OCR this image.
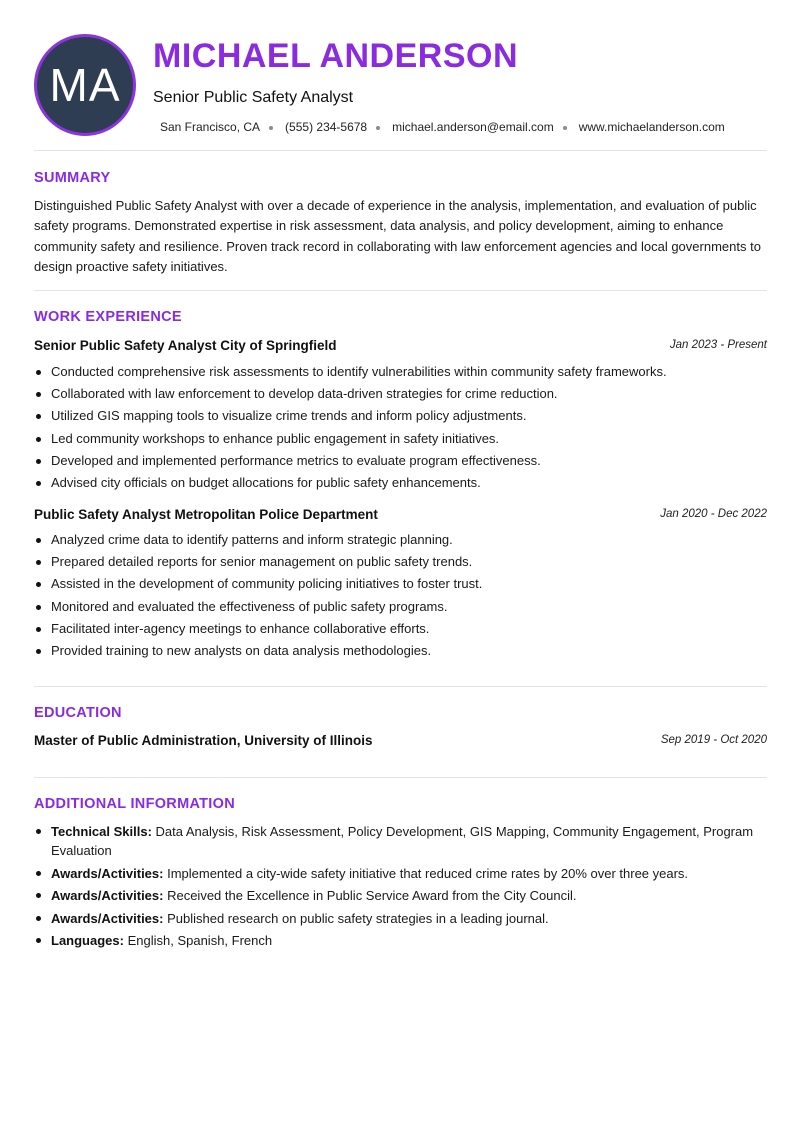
MA
MICHAEL ANDERSON
Senior Public Safety Analyst
San Francisco, CA (555) 234-5678 michael.anderson@email.com www.michaelanderson.com
SUMMARY
Distinguished Public Safety Analyst with over a decade of experience in the analysis, implementation, and evaluation of public safety programs. Demonstrated expertise in risk assessment, data analysis, and policy development, aiming to enhance community safety and resilience. Proven track record in collaborating with law enforcement agencies and local governments to design proactive safety initiatives.
WORK EXPERIENCE
Senior Public Safety Analyst City of Springfield	Jan 2023 - Present
Conducted comprehensive risk assessments to identify vulnerabilities within community safety frameworks.
Collaborated with law enforcement to develop data-driven strategies for crime reduction.
Utilized GIS mapping tools to visualize crime trends and inform policy adjustments.
Led community workshops to enhance public engagement in safety initiatives.
Developed and implemented performance metrics to evaluate program effectiveness.
Advised city officials on budget allocations for public safety enhancements.
Public Safety Analyst Metropolitan Police Department	Jan 2020 - Dec 2022
Analyzed crime data to identify patterns and inform strategic planning.
Prepared detailed reports for senior management on public safety trends.
Assisted in the development of community policing initiatives to foster trust.
Monitored and evaluated the effectiveness of public safety programs.
Facilitated inter-agency meetings to enhance collaborative efforts.
Provided training to new analysts on data analysis methodologies.
EDUCATION
Master of Public Administration, University of Illinois	Sep 2019 - Oct 2020
ADDITIONAL INFORMATION
Technical Skills: Data Analysis, Risk Assessment, Policy Development, GIS Mapping, Community Engagement, Program Evaluation
Awards/Activities: Implemented a city-wide safety initiative that reduced crime rates by 20% over three years.
Awards/Activities: Received the Excellence in Public Service Award from the City Council.
Awards/Activities: Published research on public safety strategies in a leading journal.
Languages: English, Spanish, French
